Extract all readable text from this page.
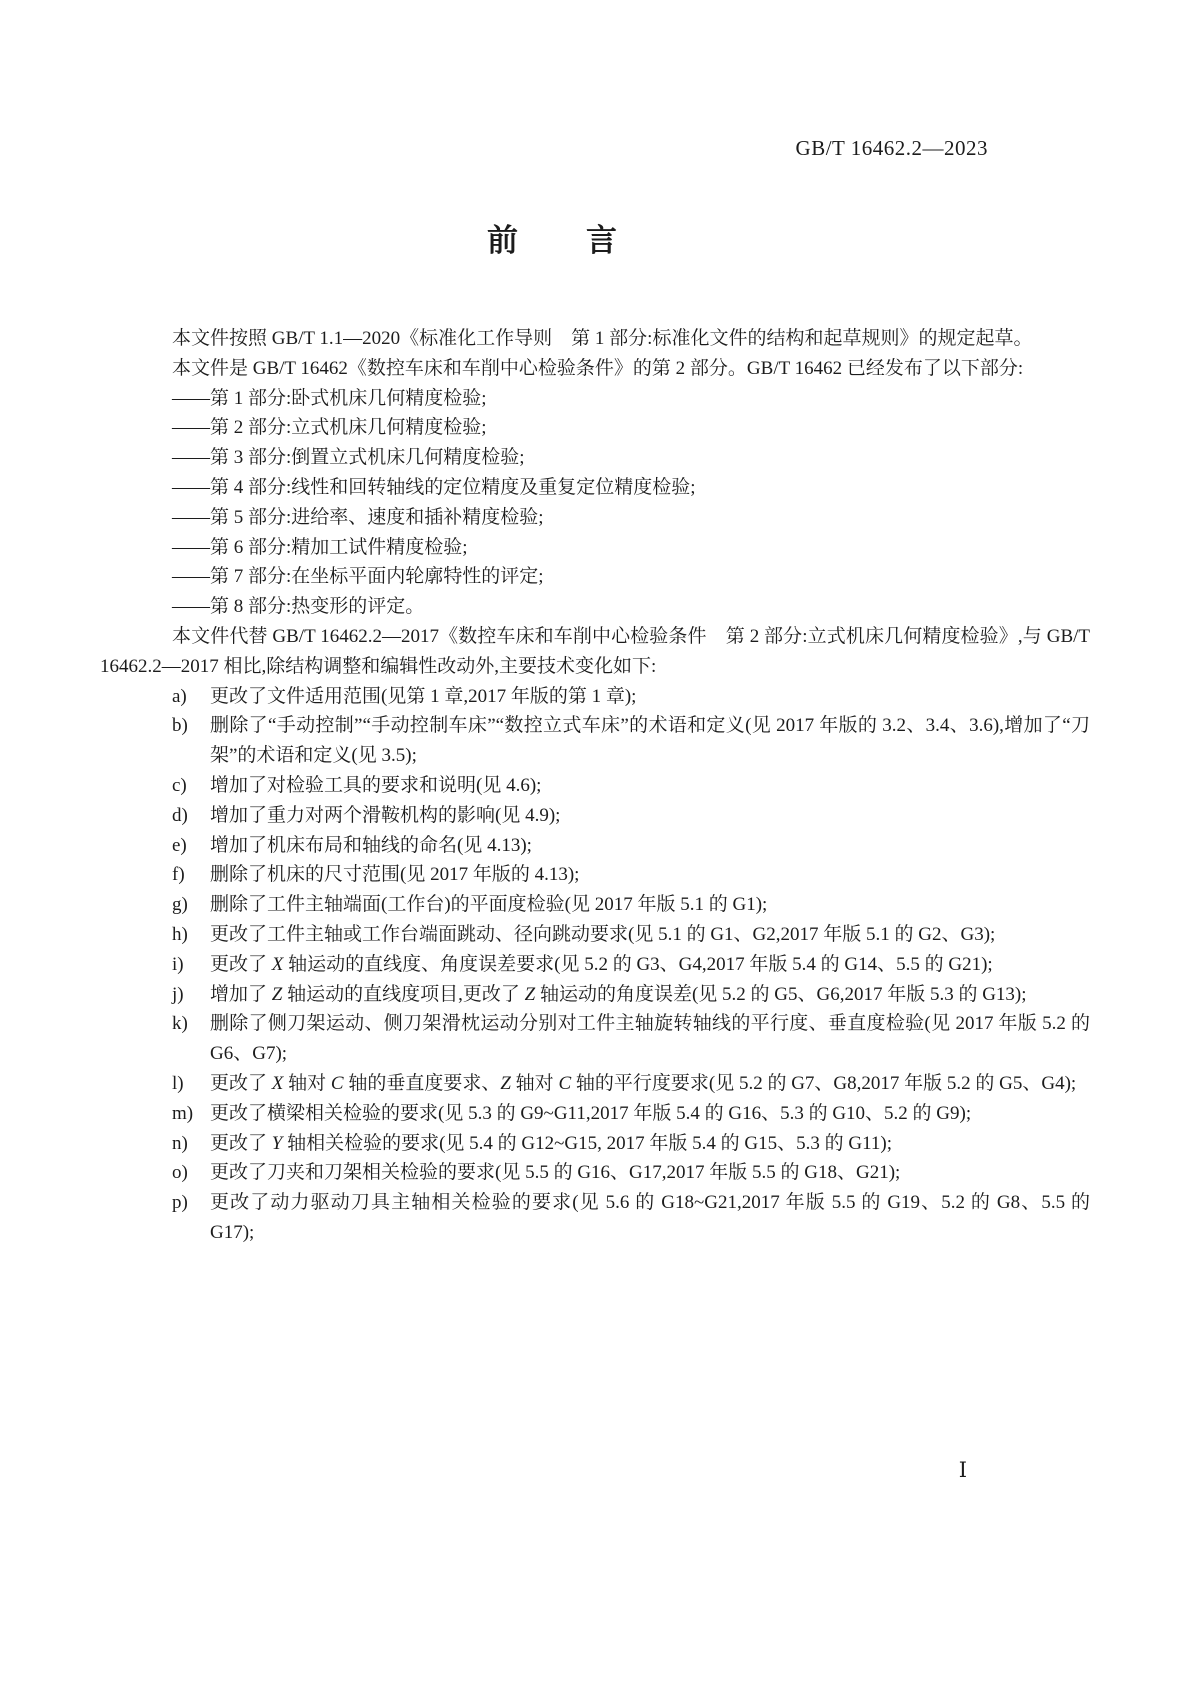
GB/T 16462.2—2023
前　　言

本文件按照 GB/T 1.1—2020《标准化工作导则　第 1 部分:标准化文件的结构和起草规则》的规定起草。

本文件是 GB/T 16462《数控车床和车削中心检验条件》的第 2 部分。GB/T 16462 已经发布了以下部分:

——第 1 部分:卧式机床几何精度检验;
——第 2 部分:立式机床几何精度检验;
——第 3 部分:倒置立式机床几何精度检验;
——第 4 部分:线性和回转轴线的定位精度及重复定位精度检验;
——第 5 部分:进给率、速度和插补精度检验;
——第 6 部分:精加工试件精度检验;
——第 7 部分:在坐标平面内轮廓特性的评定;
——第 8 部分:热变形的评定。

本文件代替 GB/T 16462.2—2017《数控车床和车削中心检验条件　第 2 部分:立式机床几何精度检验》,与 GB/T 16462.2—2017 相比,除结构调整和编辑性改动外,主要技术变化如下:

a) 更改了文件适用范围(见第 1 章,2017 年版的第 1 章);
b) 删除了“手动控制”“手动控制车床”“数控立式车床”的术语和定义(见 2017 年版的 3.2、3.4、3.6),增加了“刀架”的术语和定义(见 3.5);
c) 增加了对检验工具的要求和说明(见 4.6);
d) 增加了重力对两个滑鞍机构的影响(见 4.9);
e) 增加了机床布局和轴线的命名(见 4.13);
f) 删除了机床的尺寸范围(见 2017 年版的 4.13);
g) 删除了工件主轴端面(工作台)的平面度检验(见 2017 年版 5.1 的 G1);
h) 更改了工件主轴或工作台端面跳动、径向跳动要求(见 5.1 的 G1、G2,2017 年版 5.1 的 G2、G3);
i) 更改了 X 轴运动的直线度、角度误差要求(见 5.2 的 G3、G4,2017 年版 5.4 的 G14、5.5 的 G21);
j) 增加了 Z 轴运动的直线度项目,更改了 Z 轴运动的角度误差(见 5.2 的 G5、G6,2017 年版 5.3 的 G13);
k) 删除了侧刀架运动、侧刀架滑枕运动分别对工件主轴旋转轴线的平行度、垂直度检验(见 2017 年版 5.2 的 G6、G7);
l) 更改了 X 轴对 C 轴的垂直度要求、Z 轴对 C 轴的平行度要求(见 5.2 的 G7、G8,2017 年版 5.2 的 G5、G4);
m) 更改了横梁相关检验的要求(见 5.3 的 G9~G11,2017 年版 5.4 的 G16、5.3 的 G10、5.2 的 G9);
n) 更改了 Y 轴相关检验的要求(见 5.4 的 G12~G15, 2017 年版 5.4 的 G15、5.3 的 G11);
o) 更改了刀夹和刀架相关检验的要求(见 5.5 的 G16、G17,2017 年版 5.5 的 G18、G21);
p) 更改了动力驱动刀具主轴相关检验的要求(见 5.6 的 G18~G21,2017 年版 5.5 的 G19、5.2 的 G8、5.5 的 G17);
Ⅰ
